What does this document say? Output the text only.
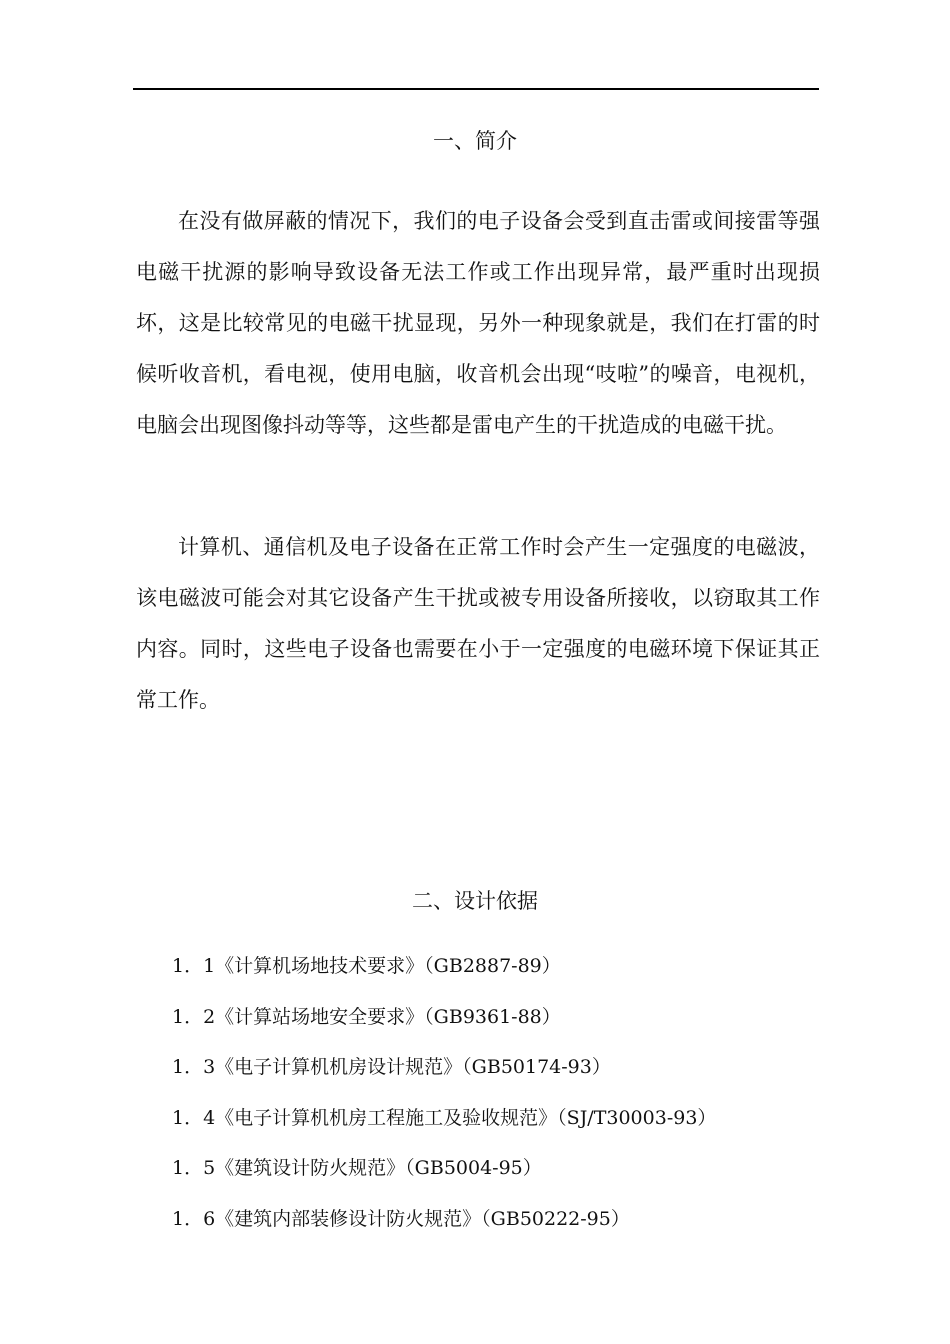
一、简介

在没有做屏蔽的情况下，我们的电子设备会受到直击雷或间接雷等强电磁干扰源的影响导致设备无法工作或工作出现异常，最严重时出现损坏，这是比较常见的电磁干扰显现，另外一种现象就是，我们在打雷的时候听收音机，看电视，使用电脑，收音机会出现“吱啦”的噪音，电视机，电脑会出现图像抖动等等，这些都是雷电产生的干扰造成的电磁干扰。

计算机、通信机及电子设备在正常工作时会产生一定强度的电磁波，该电磁波可能会对其它设备产生干扰或被专用设备所接收，以窃取其工作内容。同时，这些电子设备也需要在小于一定强度的电磁环境下保证其正常工作。

二、设计依据
1．1《计算机场地技术要求》（GB2887-89）
1．2《计算站场地安全要求》（GB9361-88）
1．3《电子计算机机房设计规范》（GB50174-93）
1．4《电子计算机机房工程施工及验收规范》（SJ/T30003-93）
1．5《建筑设计防火规范》（GB5004-95）
1．6《建筑内部装修设计防火规范》（GB50222-95）
